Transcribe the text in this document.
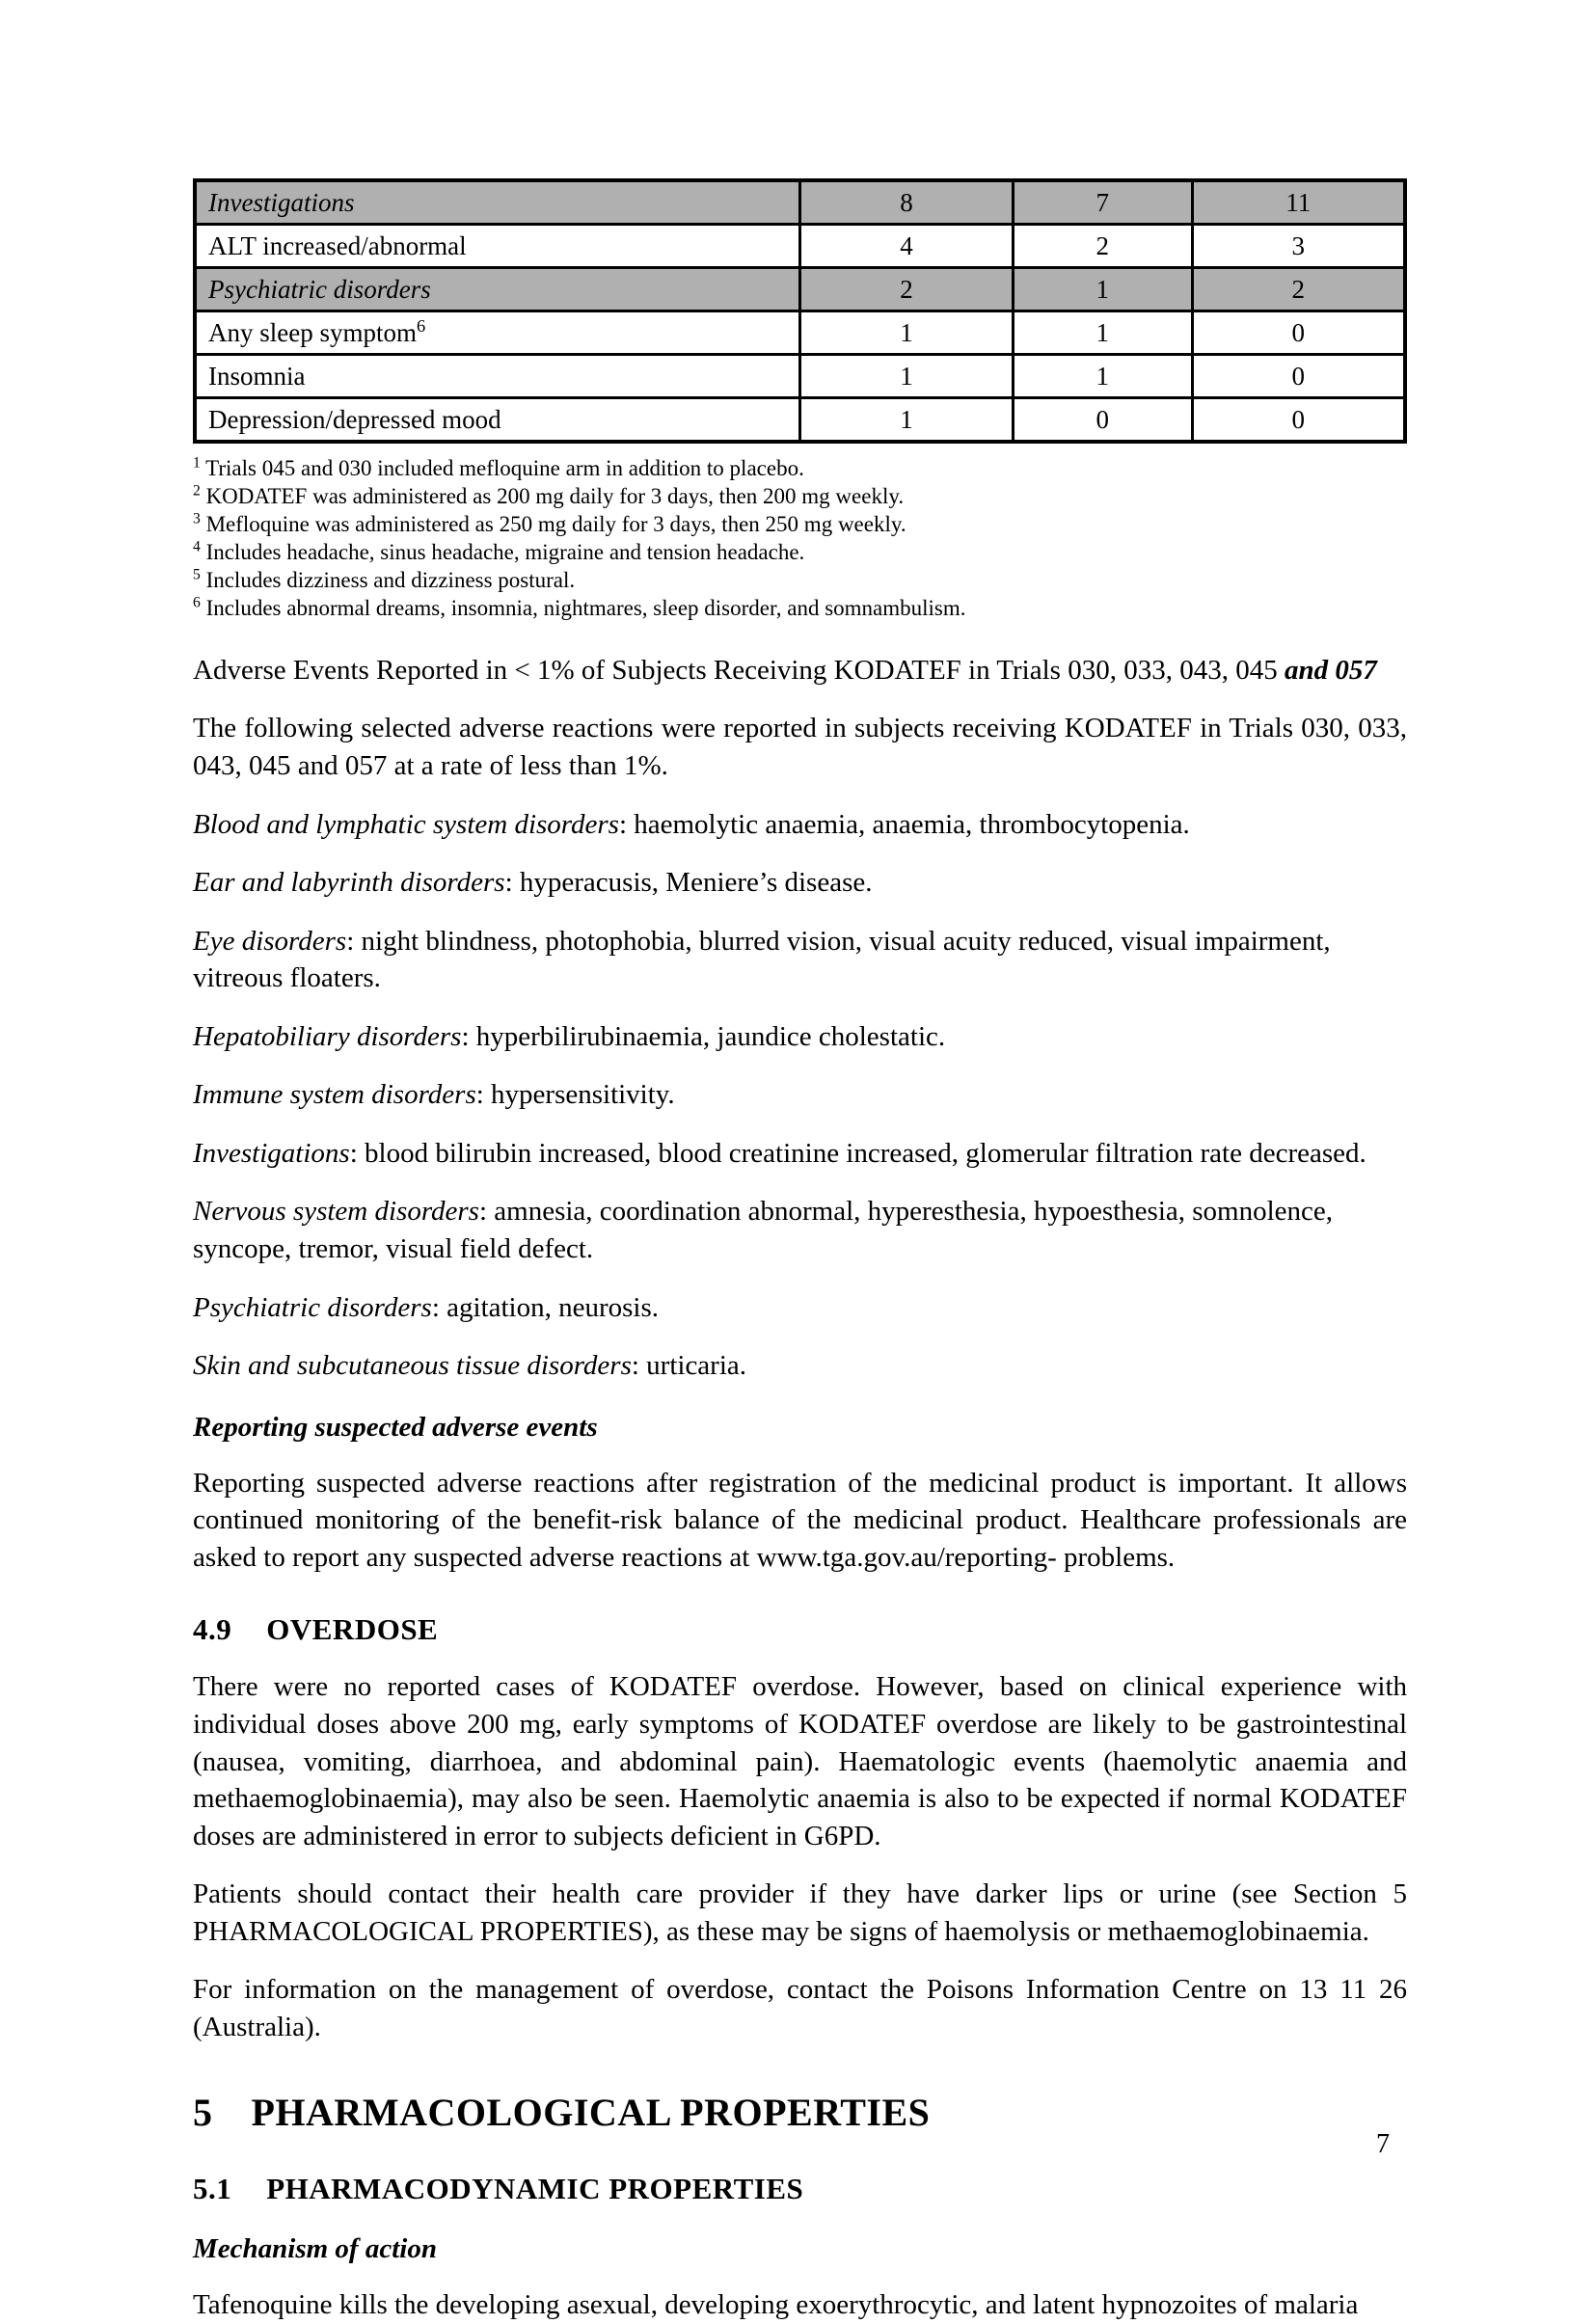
Investigations	8	7	11
ALT increased/abnormal	4	2	3
Psychiatric disorders	2	1	2
Any sleep symptom$^6$	1	1	0
Insomnia	1	1	0
Depression/depressed mood	1	0	0

$^1$ Trials 045 and 030 included mefloquine arm in addition to placebo.

$^2$ KODATEF was administered as 200 mg daily for 3 days, then 200 mg weekly.

$^3$ Mefloquine was administered as 250 mg daily for 3 days, then 250 mg weekly.

$^4$ Includes headache, sinus headache, migraine and tension headache.

$^5$ Includes dizziness and dizziness postural.

$^6$ Includes abnormal dreams, insomnia, nightmares, sleep disorder, and somnambulism.

Adverse Events Reported in < 1% of Subjects Receiving KODATEF in Trials 030, 033, 043, 045 and 057

The following selected adverse reactions were reported in subjects receiving KODATEF in Trials 030, 033, 043, 045 and 057 at a rate of less than 1%.

Blood and lymphatic system disorders: haemolytic anaemia, anaemia, thrombocytopenia.

Ear and labyrinth disorders: hyperacusis, Meniere’s disease.

Eye disorders: night blindness, photophobia, blurred vision, visual acuity reduced, visual impairment, vitreous floaters.

Hepatobiliary disorders: hyperbilirubinaemia, jaundice cholestatic.

Immune system disorders: hypersensitivity.

Investigations: blood bilirubin increased, blood creatinine increased, glomerular filtration rate decreased.

Nervous system disorders: amnesia, coordination abnormal, hyperesthesia, hypoesthesia, somnolence, syncope, tremor, visual field defect.

Psychiatric disorders: agitation, neurosis.

Skin and subcutaneous tissue disorders: urticaria.

Reporting suspected adverse events

Reporting suspected adverse reactions after registration of the medicinal product is important. It allows continued monitoring of the benefit-risk balance of the medicinal product. Healthcare professionals are asked to report any suspected adverse reactions at www.tga.gov.au/reporting- problems.

4.9 OVERDOSE

There were no reported cases of KODATEF overdose. However, based on clinical experience with individual doses above 200 mg, early symptoms of KODATEF overdose are likely to be gastrointestinal (nausea, vomiting, diarrhoea, and abdominal pain). Haematologic events (haemolytic anaemia and methaemoglobinaemia), may also be seen. Haemolytic anaemia is also to be expected if normal KODATEF doses are administered in error to subjects deficient in G6PD.

Patients should contact their health care provider if they have darker lips or urine (see Section 5 PHARMACOLOGICAL PROPERTIES), as these may be signs of haemolysis or methaemoglobinaemia.

For information on the management of overdose, contact the Poisons Information Centre on 13 11 26 (Australia).

5 PHARMACOLOGICAL PROPERTIES

5.1 PHARMACODYNAMIC PROPERTIES

Mechanism of action

Tafenoquine kills the developing asexual, developing exoerythrocytic, and latent hypnozoites of malaria

7
